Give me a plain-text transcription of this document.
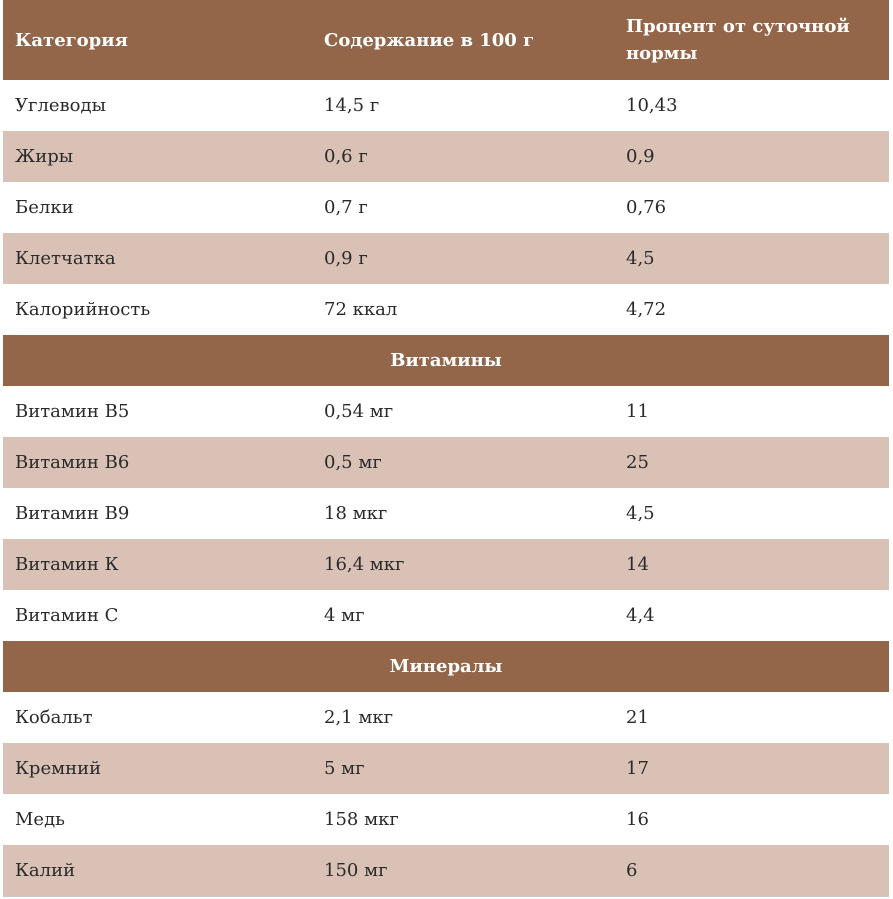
Категория	Содержание в 100 г	Процент от суточной нормы
Углеводы	14,5 г	10,43
Жиры	0,6 г	0,9
Белки	0,7 г	0,76
Клетчатка	0,9 г	4,5
Калорийность	72 ккал	4,72
Витамины		
Витамин В5	0,54 мг	11
Витамин В6	0,5 мг	25
Витамин В9	18 мкг	4,5
Витамин К	16,4 мкг	14
Витамин С	4 мг	4,4
Минералы		
Кобальт	2,1 мкг	21
Кремний	5 мг	17
Медь	158 мкг	16
Калий	150 мг	6
